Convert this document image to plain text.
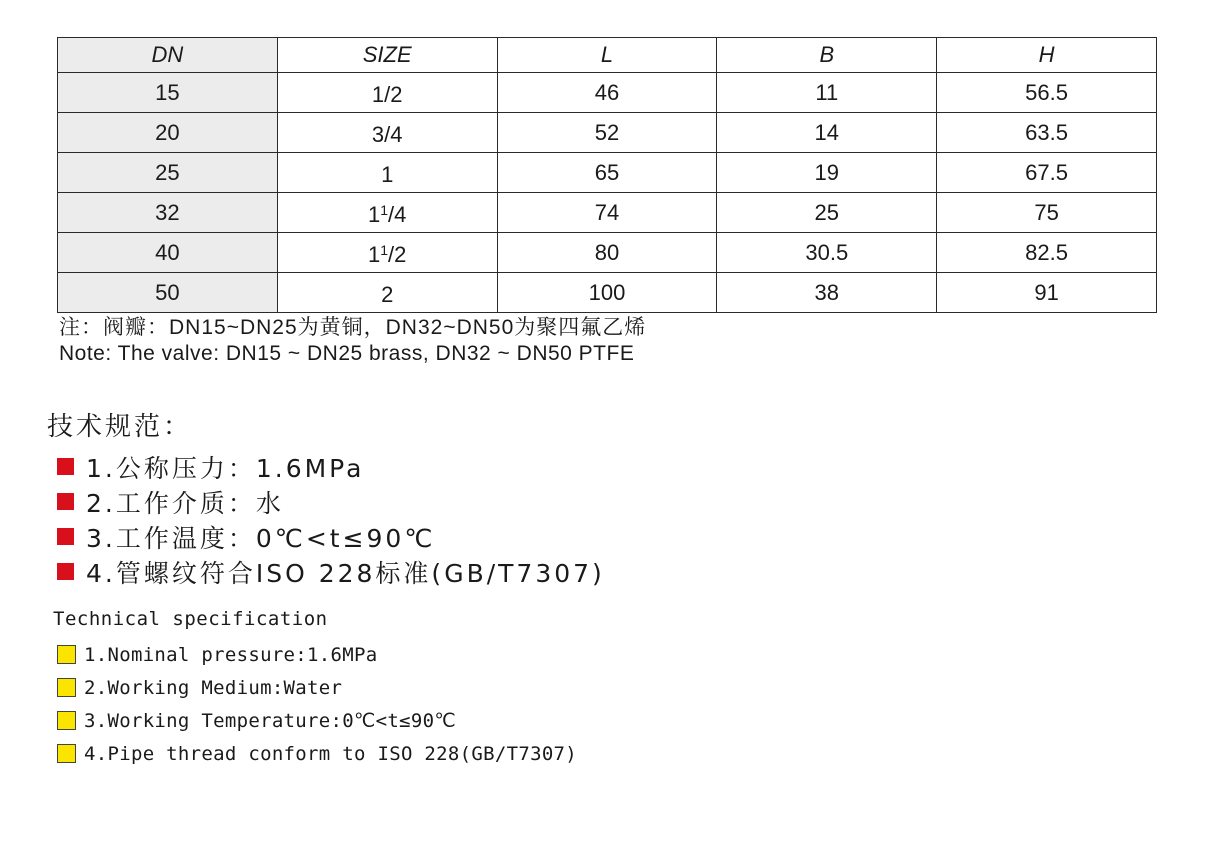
DN	SIZE	L	B	H
15	1/2	46	11	56.5
20	3/4	52	14	63.5
25	1	65	19	67.5
32	$1^1/4$	74	25	75
40	$1^1/2$	80	30.5	82.5
50	2	100	38	91
注：阀瓣：DN15~DN25为黄铜，DN32~DN50为聚四氟乙烯
Note: The valve: DN15 ~ DN25 brass, DN32 ~ DN50 PTFE
技术规范：
1.公称压力：1.6MPa
2.工作介质：水
3.工作温度：0℃<t≤90℃
4.管螺纹符合ISO 228标准(GB/T7307)
Technical specification
1.Nominal pressure:1.6MPa
2.Working Medium:Water
3.Working Temperature:0℃<t≤90℃
4.Pipe thread conform to ISO 228(GB/T7307)
